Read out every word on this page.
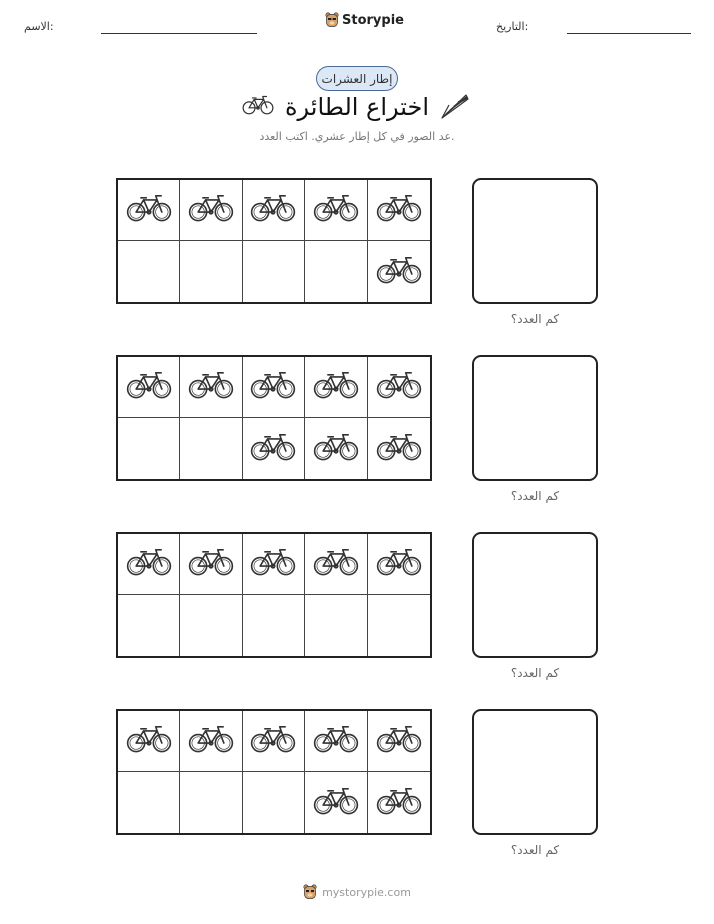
الاسم:	Storypie	التاريخ:
إطار العشرات
اختراع الطائرة
عد الصور في كل إطار عشري. اكتب العدد.
كم العدد؟
كم العدد؟
كم العدد؟
كم العدد؟
mystorypie.com
